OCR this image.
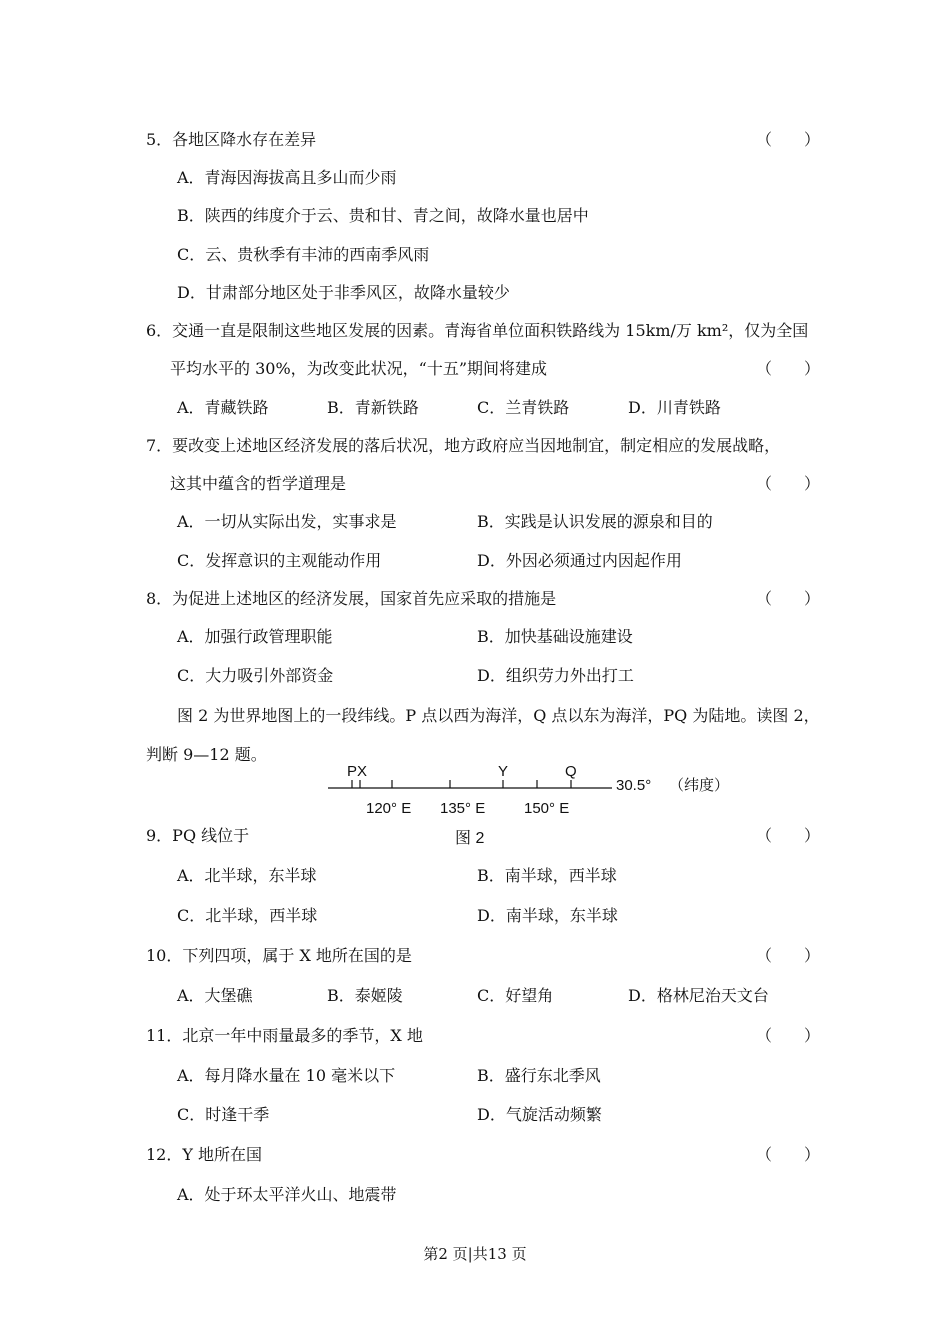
5．各地区降水存在差异	（　　）
A．青海因海拔高且多山而少雨
B．陕西的纬度介于云、贵和甘、青之间，故降水量也居中
C．云、贵秋季有丰沛的西南季风雨
D．甘肃部分地区处于非季风区，故降水量较少
6．交通一直是限制这些地区发展的因素。青海省单位面积铁路线为 15km/万 km²，仅为全国
平均水平的 30%，为改变此状况，“十五”期间将建成	（　　）
A．青藏铁路	B．青新铁路	C．兰青铁路	D．川青铁路
7．要改变上述地区经济发展的落后状况，地方政府应当因地制宜，制定相应的发展战略，
这其中蕴含的哲学道理是	（　　）
A．一切从实际出发，实事求是	B．实践是认识发展的源泉和目的
C．发挥意识的主观能动作用	D．外因必须通过内因起作用
8．为促进上述地区的经济发展，国家首先应采取的措施是	（　　）
A．加强行政管理职能	B．加快基础设施建设
C．大力吸引外部资金	D．组织劳力外出打工
图 2 为世界地图上的一段纬线。P 点以西为海洋，Q 点以东为海洋，PQ 为陆地。读图 2，
判断 9—12 题。
PX	Y	Q
30.5° （纬度）
120° E 135° E	150° E
图 2
9．PQ 线位于	（　　）
A．北半球，东半球	B．南半球，西半球
C．北半球，西半球	D．南半球，东半球
10．下列四项，属于 X 地所在国的是	（　　）
A．大堡礁	B．泰姬陵	C．好望角	D．格林尼治天文台
11．北京一年中雨量最多的季节，X 地	（　　）
A．每月降水量在 10 毫米以下	B．盛行东北季风
C．时逢干季	D．气旋活动频繁
12．Y 地所在国	（　　）
A．处于环太平洋火山、地震带
第2 页|共13 页
